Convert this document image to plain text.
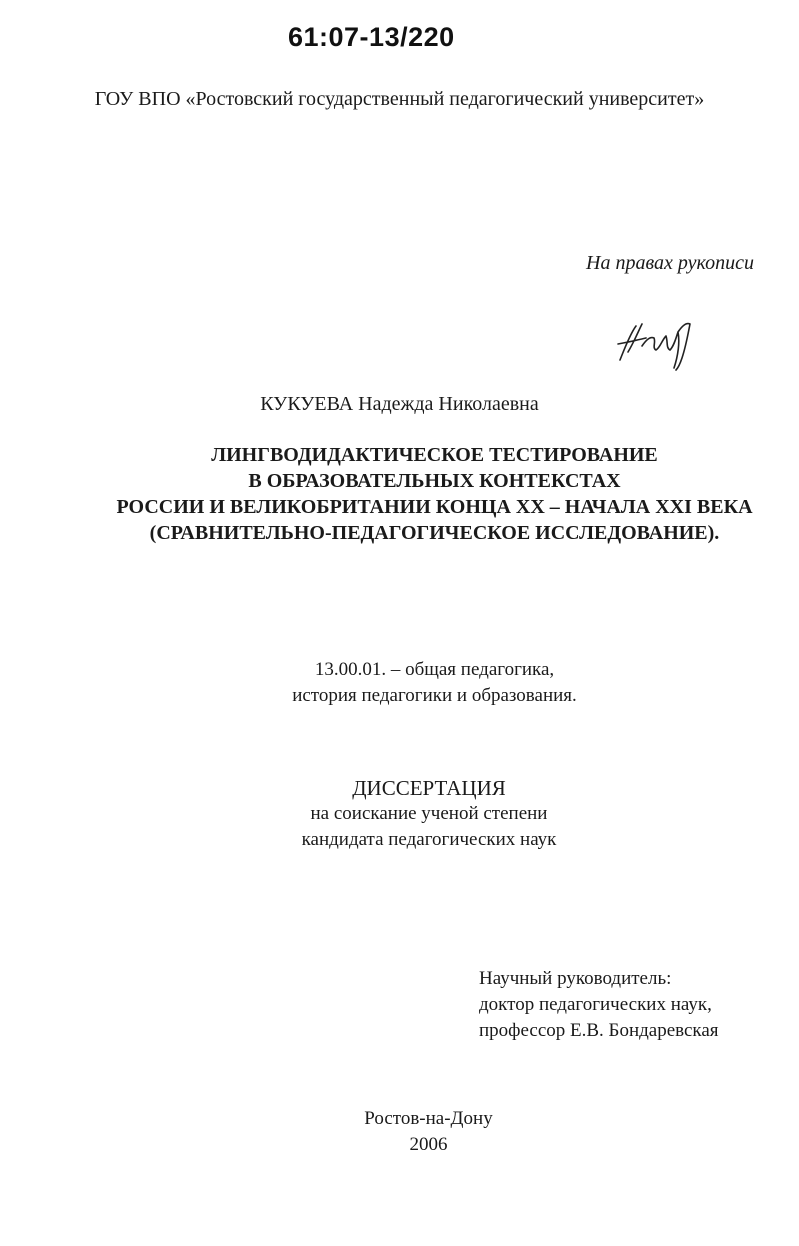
61:07-13/220
ГОУ ВПО «Ростовский государственный педагогический университет»
На правах рукописи
КУКУЕВА Надежда Николаевна
ЛИНГВОДИДАКТИЧЕСКОЕ ТЕСТИРОВАНИЕ
В ОБРАЗОВАТЕЛЬНЫХ КОНТЕКСТАХ
РОССИИ И ВЕЛИКОБРИТАНИИ КОНЦА XX – НАЧАЛА XXI ВЕКА
(СРАВНИТЕЛЬНО-ПЕДАГОГИЧЕСКОЕ ИССЛЕДОВАНИЕ).
13.00.01. – общая педагогика,
история педагогики и образования.
ДИССЕРТАЦИЯ
на соискание ученой степени
кандидата педагогических наук
Научный руководитель:
доктор педагогических наук,
профессор Е.В. Бондаревская
Ростов-на-Дону
2006
